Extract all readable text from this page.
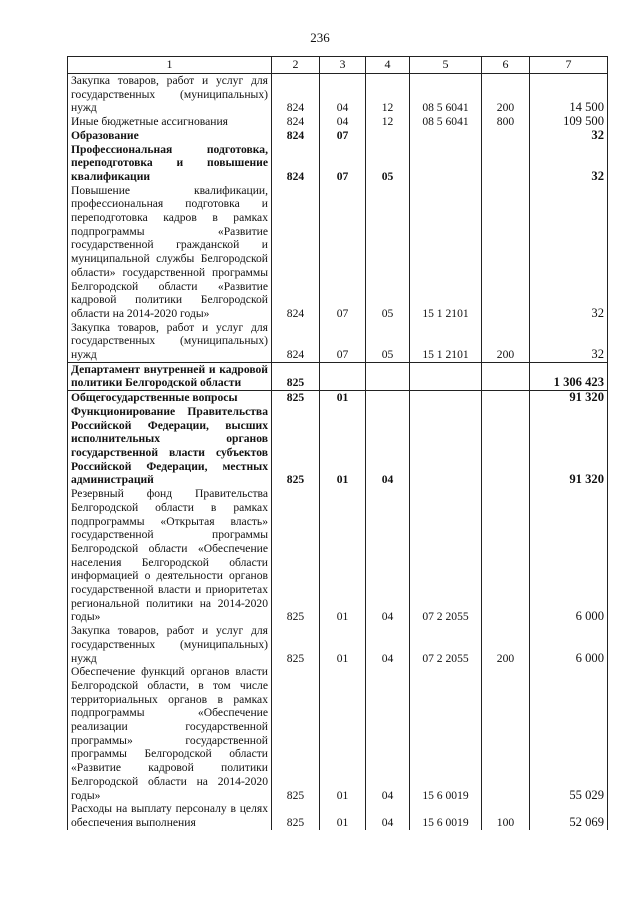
236
1	2	3	4	5	6	7
Закупка товаров, работ и услуг для государственных (муниципальных) нужд	824	04	12	08 5 6041	200	14 500
Иные бюджетные ассигнования	824	04	12	08 5 6041	800	109 500
Образование	824	07				32
Профессиональная подготовка, переподготовка и повышение квалификации	824	07	05			32
Повышение квалификации, профессиональная подготовка и переподготовка кадров в рамках подпрограммы «Развитие государственной гражданской и муниципальной службы Белгородской области» государственной программы Белгородской области «Развитие кадровой политики Белгородской области на 2014-2020 годы»	824	07	05	15 1 2101		32
Закупка товаров, работ и услуг для государственных (муниципальных) нужд	824	07	05	15 1 2101	200	32
Департамент внутренней и кадровой политики Белгородской области	825					1 306 423
Общегосударственные вопросы	825	01				91 320
Функционирование Правительства Российской Федерации, высших исполнительных органов государственной власти субъектов Российской Федерации, местных администраций	825	01	04			91 320
Резервный фонд Правительства Белгородской области в рамках подпрограммы «Открытая власть» государственной программы Белгородской области «Обеспечение населения Белгородской области информацией о деятельности органов государственной власти и приоритетах региональной политики на 2014-2020 годы»	825	01	04	07 2 2055		6 000
Закупка товаров, работ и услуг для государственных (муниципальных) нужд	825	01	04	07 2 2055	200	6 000
Обеспечение функций органов власти Белгородской области, в том числе территориальных органов в рамках подпрограммы «Обеспечение реализации государственной программы» государственной программы Белгородской области «Развитие кадровой политики Белгородской области на 2014-2020 годы»	825	01	04	15 6 0019		55 029
Расходы на выплату персоналу в целях обеспечения выполнения	825	01	04	15 6 0019	100	52 069
